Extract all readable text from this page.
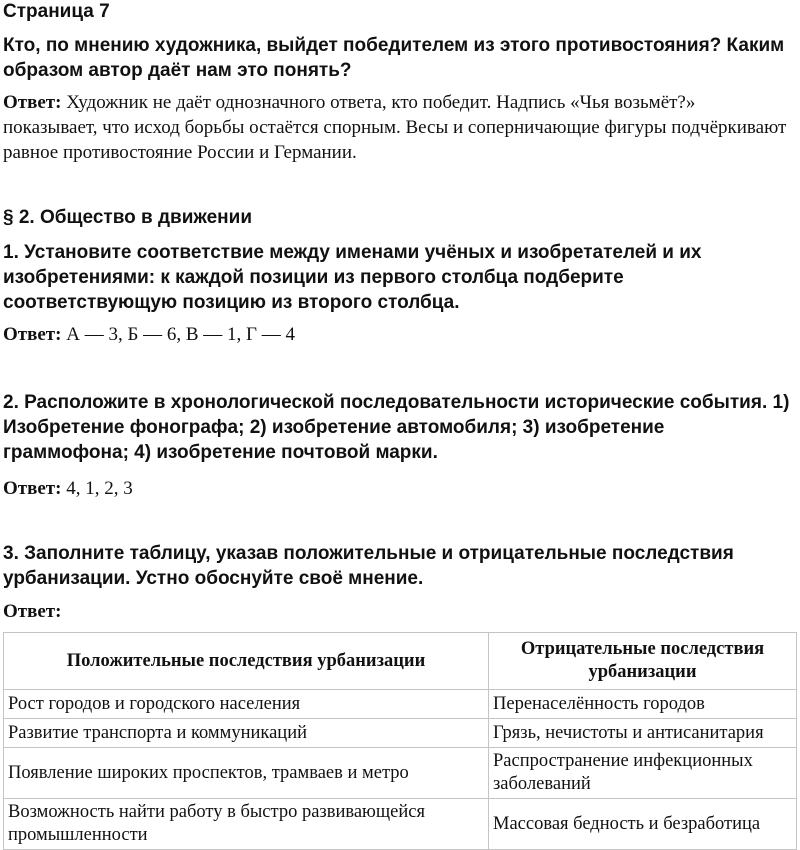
Страница 7

Кто, по мнению художника, выйдет победителем из этого противостояния? Каким образом автор даёт нам это понять?

Ответ: Художник не даёт однозначного ответа, кто победит. Надпись «Чья возьмёт?» показывает, что исход борьбы остаётся спорным. Весы и соперничающие фигуры подчёркивают равное противостояние России и Германии.

§ 2. Общество в движении

1. Установите соответствие между именами учёных и изобретателей и их изобретениями: к каждой позиции из первого столбца подберите соответствующую позицию из второго столбца.

Ответ: А — 3, Б — 6, В — 1, Г — 4

2. Расположите в хронологической последовательности исторические события. 1) Изобретение фонографа; 2) изобретение автомобиля; 3) изобретение граммофона; 4) изобретение почтовой марки.

Ответ: 4, 1, 2, 3

3. Заполните таблицу, указав положительные и отрицательные последствия урбанизации. Устно обоснуйте своё мнение.

Ответ:

Положительные последствия урбанизации	Отрицательные последствия урбанизации
Рост городов и городского населения	Перенаселённость городов
Развитие транспорта и коммуникаций	Грязь, нечистоты и антисанитария
Появление широких проспектов, трамваев и метро	Распространение инфекционных заболеваний
Возможность найти работу в быстро развивающейся промышленности	Массовая бедность и безработица
